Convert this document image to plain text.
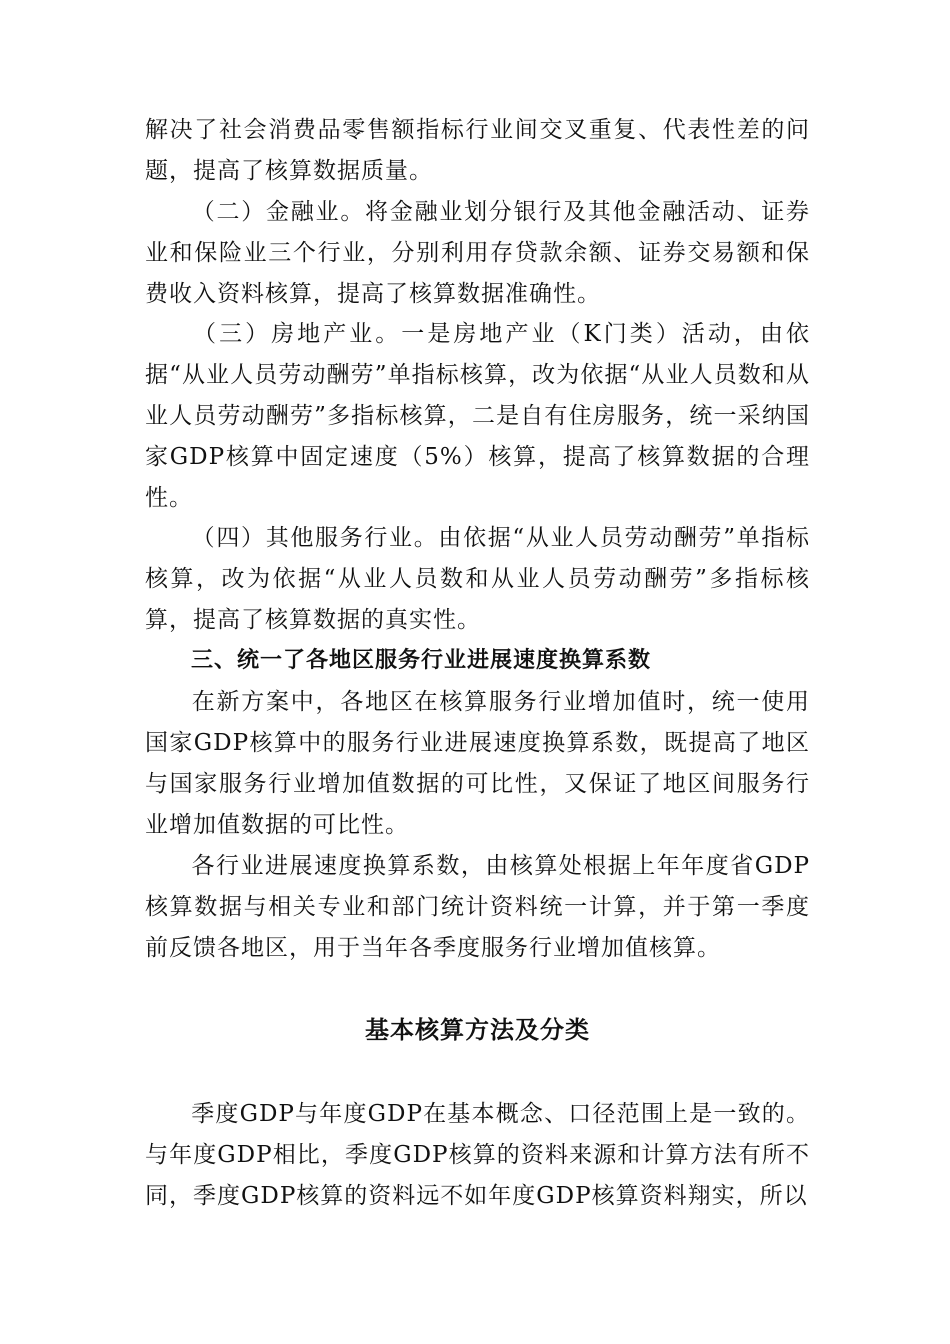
解决了社会消费品零售额指标行业间交叉重复、代表性差的问题，提高了核算数据质量。

（二）金融业。将金融业划分银行及其他金融活动、证券业和保险业三个行业，分别利用存贷款余额、证券交易额和保费收入资料核算，提高了核算数据准确性。

（三）房地产业。一是房地产业（K门类）活动，由依据“从业人员劳动酬劳”单指标核算，改为依据“从业人员数和从业人员劳动酬劳”多指标核算，二是自有住房服务，统一采纳国家GDP核算中固定速度（5%）核算，提高了核算数据的合理性。

（四）其他服务行业。由依据“从业人员劳动酬劳”单指标核算，改为依据“从业人员数和从业人员劳动酬劳”多指标核算，提高了核算数据的真实性。

三、统一了各地区服务行业进展速度换算系数

在新方案中，各地区在核算服务行业增加值时，统一使用国家GDP核算中的服务行业进展速度换算系数，既提高了地区与国家服务行业增加值数据的可比性，又保证了地区间服务行业增加值数据的可比性。

各行业进展速度换算系数，由核算处根据上年年度省GDP核算数据与相关专业和部门统计资料统一计算，并于第一季度前反馈各地区，用于当年各季度服务行业增加值核算。

基本核算方法及分类

季度GDP与年度GDP在基本概念、口径范围上是一致的。与年度GDP相比，季度GDP核算的资料来源和计算方法有所不同，季度GDP核算的资料远不如年度GDP核算资料翔实，所以
